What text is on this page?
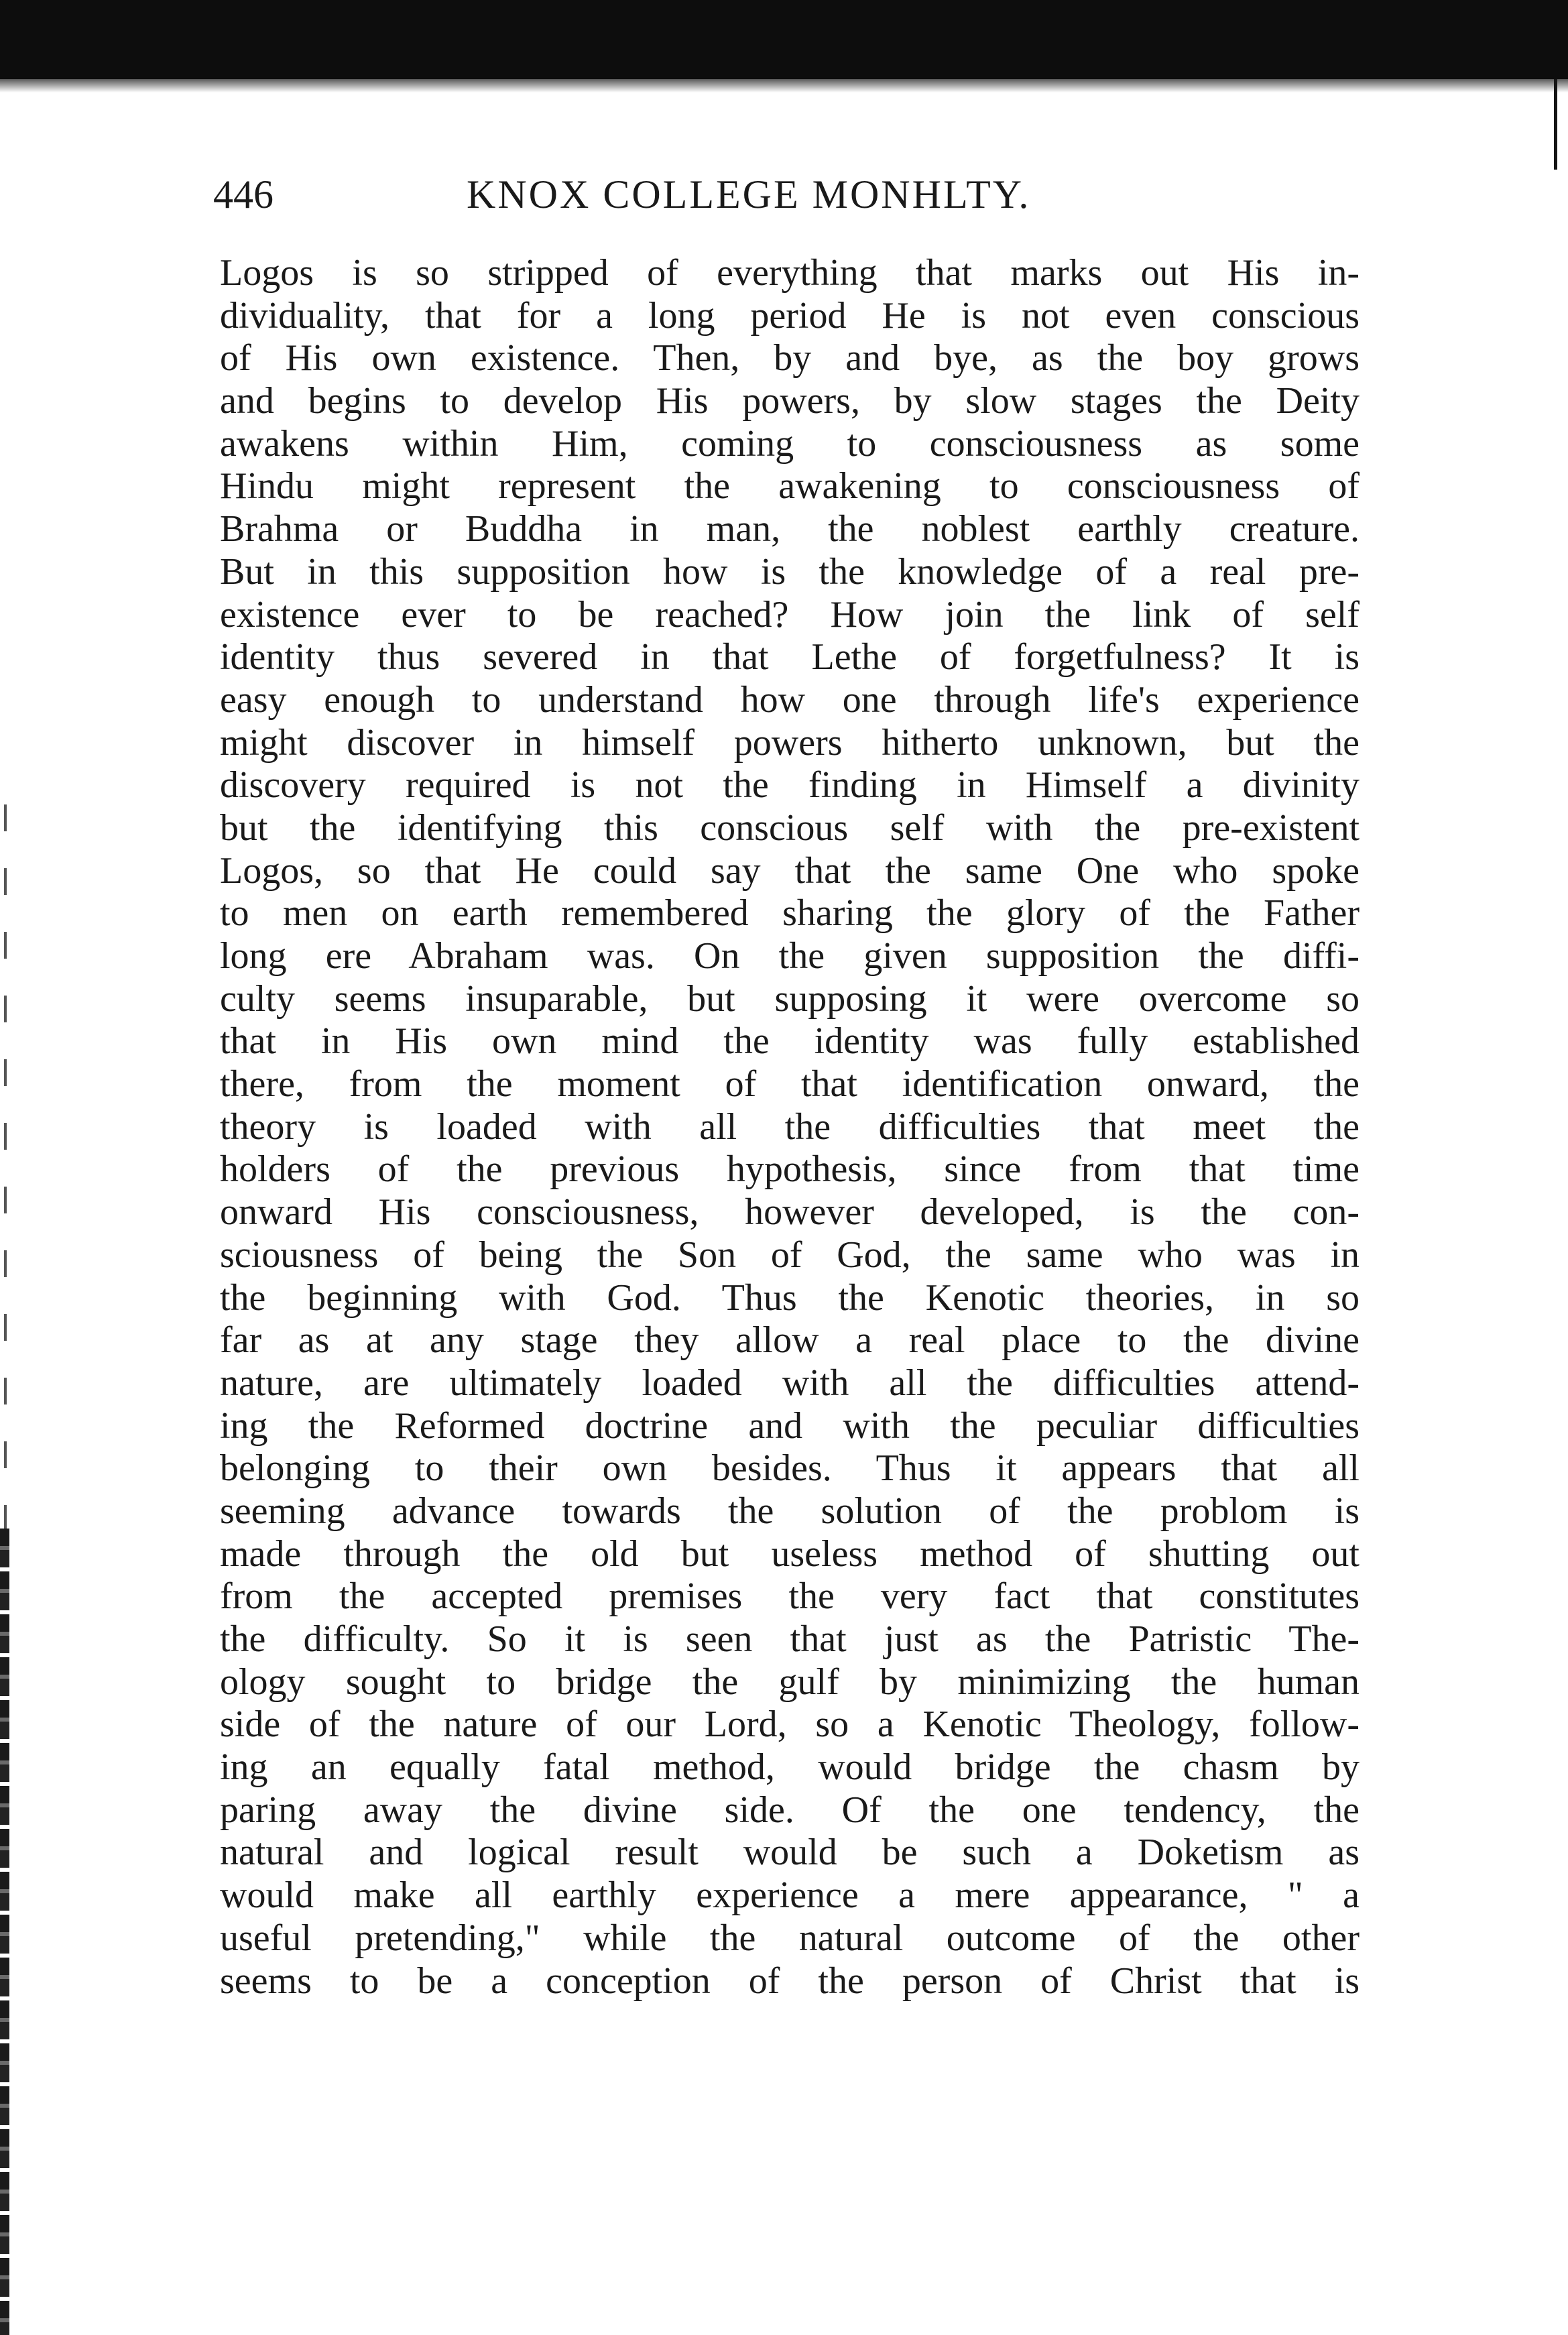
446	KNOX COLLEGE MONHLTY.
Logos is so stripped of everything that marks out His in-
dividuality, that for a long period He is not even conscious
of His own existence. Then, by and bye, as the boy grows
and begins to develop His powers, by slow stages the Deity
awakens within Him, coming to consciousness as some
Hindu might represent the awakening to consciousness of
Brahma or Buddha in man, the noblest earthly creature.
But in this supposition how is the knowledge of a real pre-
existence ever to be reached? How join the link of self
identity thus severed in that Lethe of forgetfulness? It is
easy enough to understand how one through life's experience
might discover in himself powers hitherto unknown, but the
discovery required is not the finding in Himself a divinity
but the identifying this conscious self with the pre-existent
Logos, so that He could say that the same One who spoke
to men on earth remembered sharing the glory of the Father
long ere Abraham was. On the given supposition the diffi-
culty seems insuparable, but supposing it were overcome so
that in His own mind the identity was fully established
there, from the moment of that identification onward, the
theory is loaded with all the difficulties that meet the
holders of the previous hypothesis, since from that time
onward His consciousness, however developed, is the con-
sciousness of being the Son of God, the same who was in
the beginning with God. Thus the Kenotic theories, in so
far as at any stage they allow a real place to the divine
nature, are ultimately loaded with all the difficulties attend-
ing the Reformed doctrine and with the peculiar difficulties
belonging to their own besides. Thus it appears that all
seeming advance towards the solution of the problom is
made through the old but useless method of shutting out
from the accepted premises the very fact that constitutes
the difficulty. So it is seen that just as the Patristic The-
ology sought to bridge the gulf by minimizing the human
side of the nature of our Lord, so a Kenotic Theology, follow-
ing an equally fatal method, would bridge the chasm by
paring away the divine side. Of the one tendency, the
natural and logical result would be such a Doketism as
would make all earthly experience a mere appearance, " a
useful pretending," while the natural outcome of the other
seems to be a conception of the person of Christ that is
